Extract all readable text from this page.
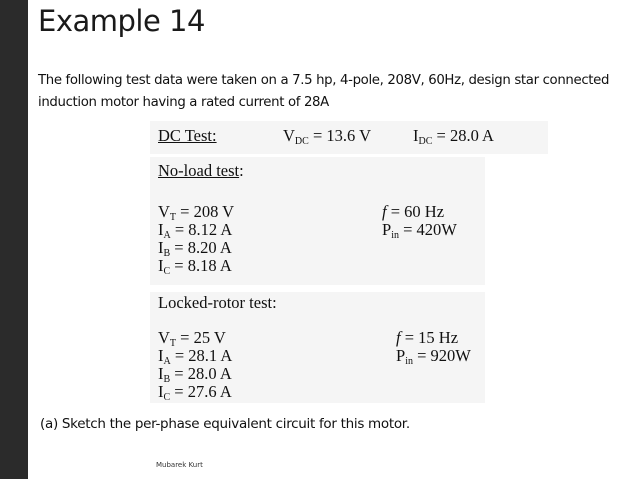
Example 14
The following test data were taken on a 7.5 hp, 4-pole, 208V, 60Hz, design star connected induction motor having a rated current of 28A
DC Test:	$V_{DC} = 13.6$ V	$I_{DC} = 28.0$ A
No-load test:
$V_T = 208$ V
$I_A = 8.12$ A
$I_B = 8.20$ A
$I_C = 8.18$ A
f = 60 Hz
$P_{in} = 420W$
Locked-rotor test:
$V_T = 25$ V
$I_A = 28.1$ A
$I_B = 28.0$ A
$I_C = 27.6$ A
f = 15 Hz
$P_{in} = 920W$
(a) Sketch the per-phase equivalent circuit for this motor.
Mubarek Kurt
